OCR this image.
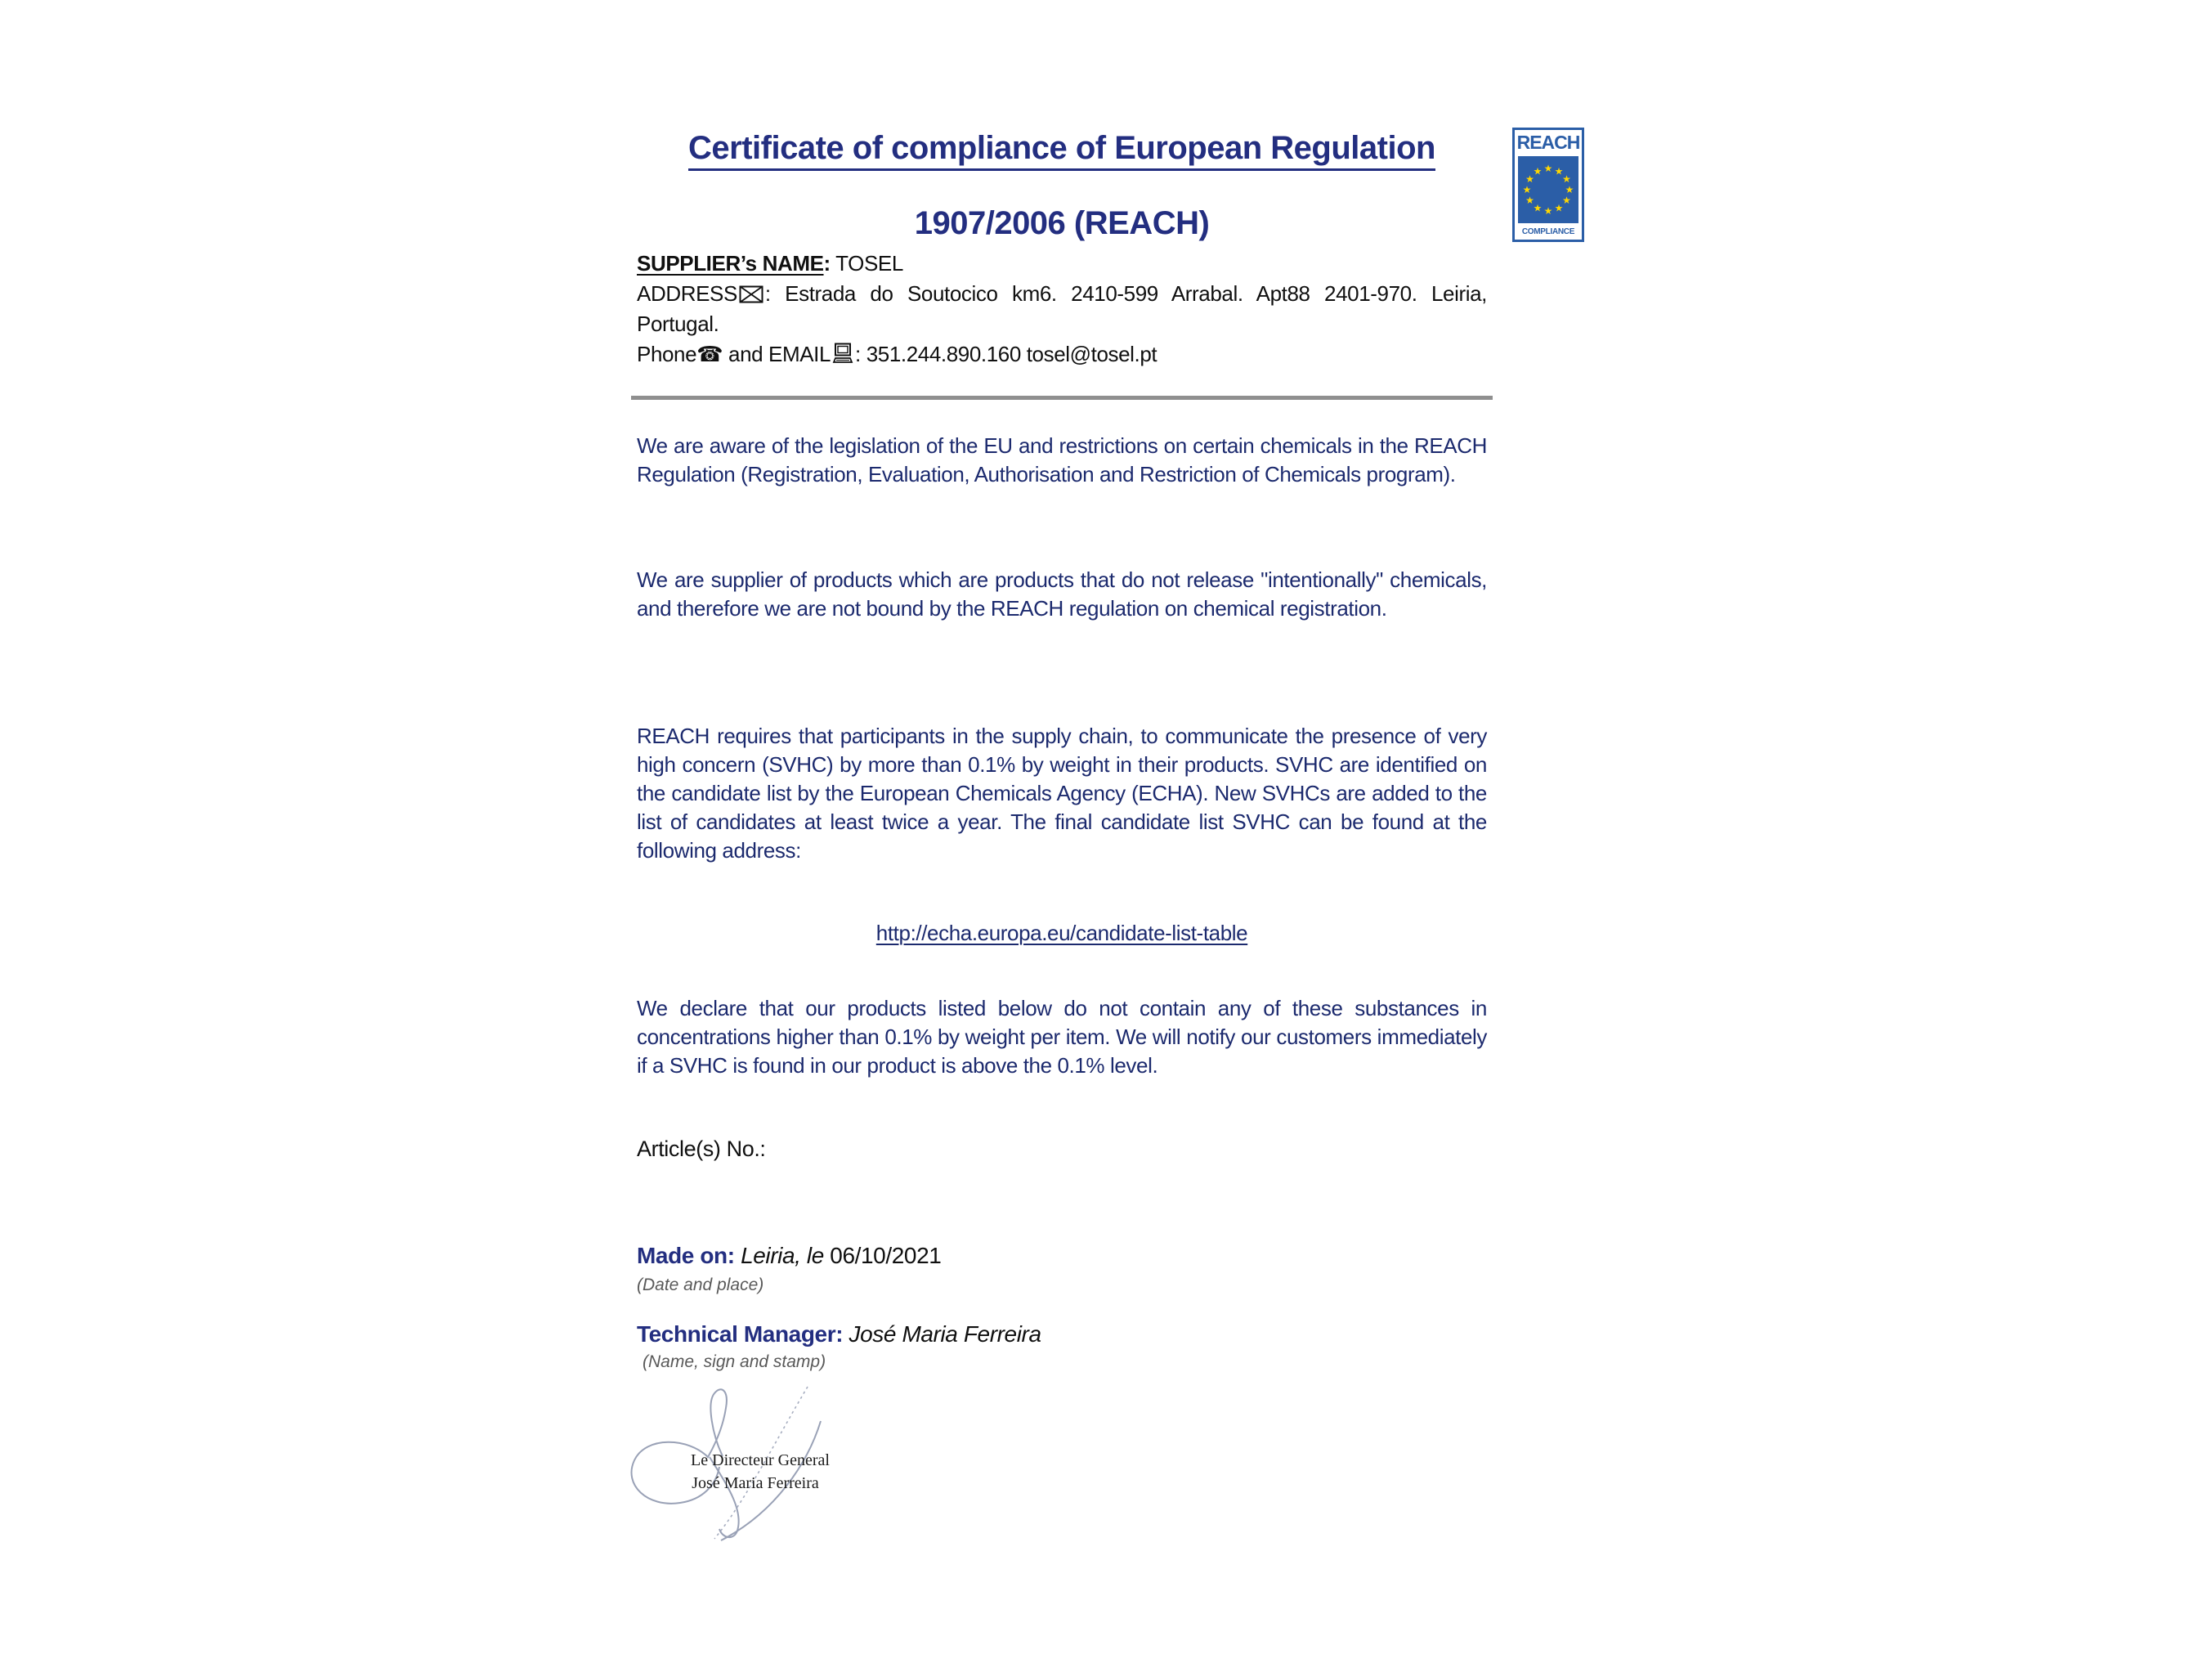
Certificate of compliance of European Regulation
1907/2006 (REACH)
REACH
★ ★
★
★
★
★
★
★
★
★
★
★
COMPLIANCE

SUPPLIER’s NAME: TOSEL

ADDRESS : Estrada do Soutocico km6. 2410-599 Arrabal. Apt88 2401-970. Leiria, Portugal.

Phone☎ and EMAIL : 351.244.890.160 tosel@tosel.pt

We are aware of the legislation of the EU and restrictions on certain chemicals in the REACH Regulation (Registration, Evaluation, Authorisation and Restriction of Chemicals program).

We are supplier of products which are products that do not release "intentionally" chemicals, and therefore we are not bound by the REACH regulation on chemical registration.

REACH requires that participants in the supply chain, to communicate the presence of very high concern (SVHC) by more than 0.1% by weight in their products. SVHC are identified on the candidate list by the European Chemicals Agency (ECHA). New SVHCs are added to the list of candidates at least twice a year. The final candidate list SVHC can be found at the following address:

http://echa.europa.eu/candidate-list-table

We declare that our products listed below do not contain any of these substances in concentrations higher than 0.1% by weight per item. We will notify our customers immediately if a SVHC is found in our product is above the 0.1% level.

Article(s) No.:

Made on: Leiria, le 06/10/2021
(Date and place)
Technical Manager: José Maria Ferreira
(Name, sign and stamp)
Le Directeur General
José Maria Ferreira
